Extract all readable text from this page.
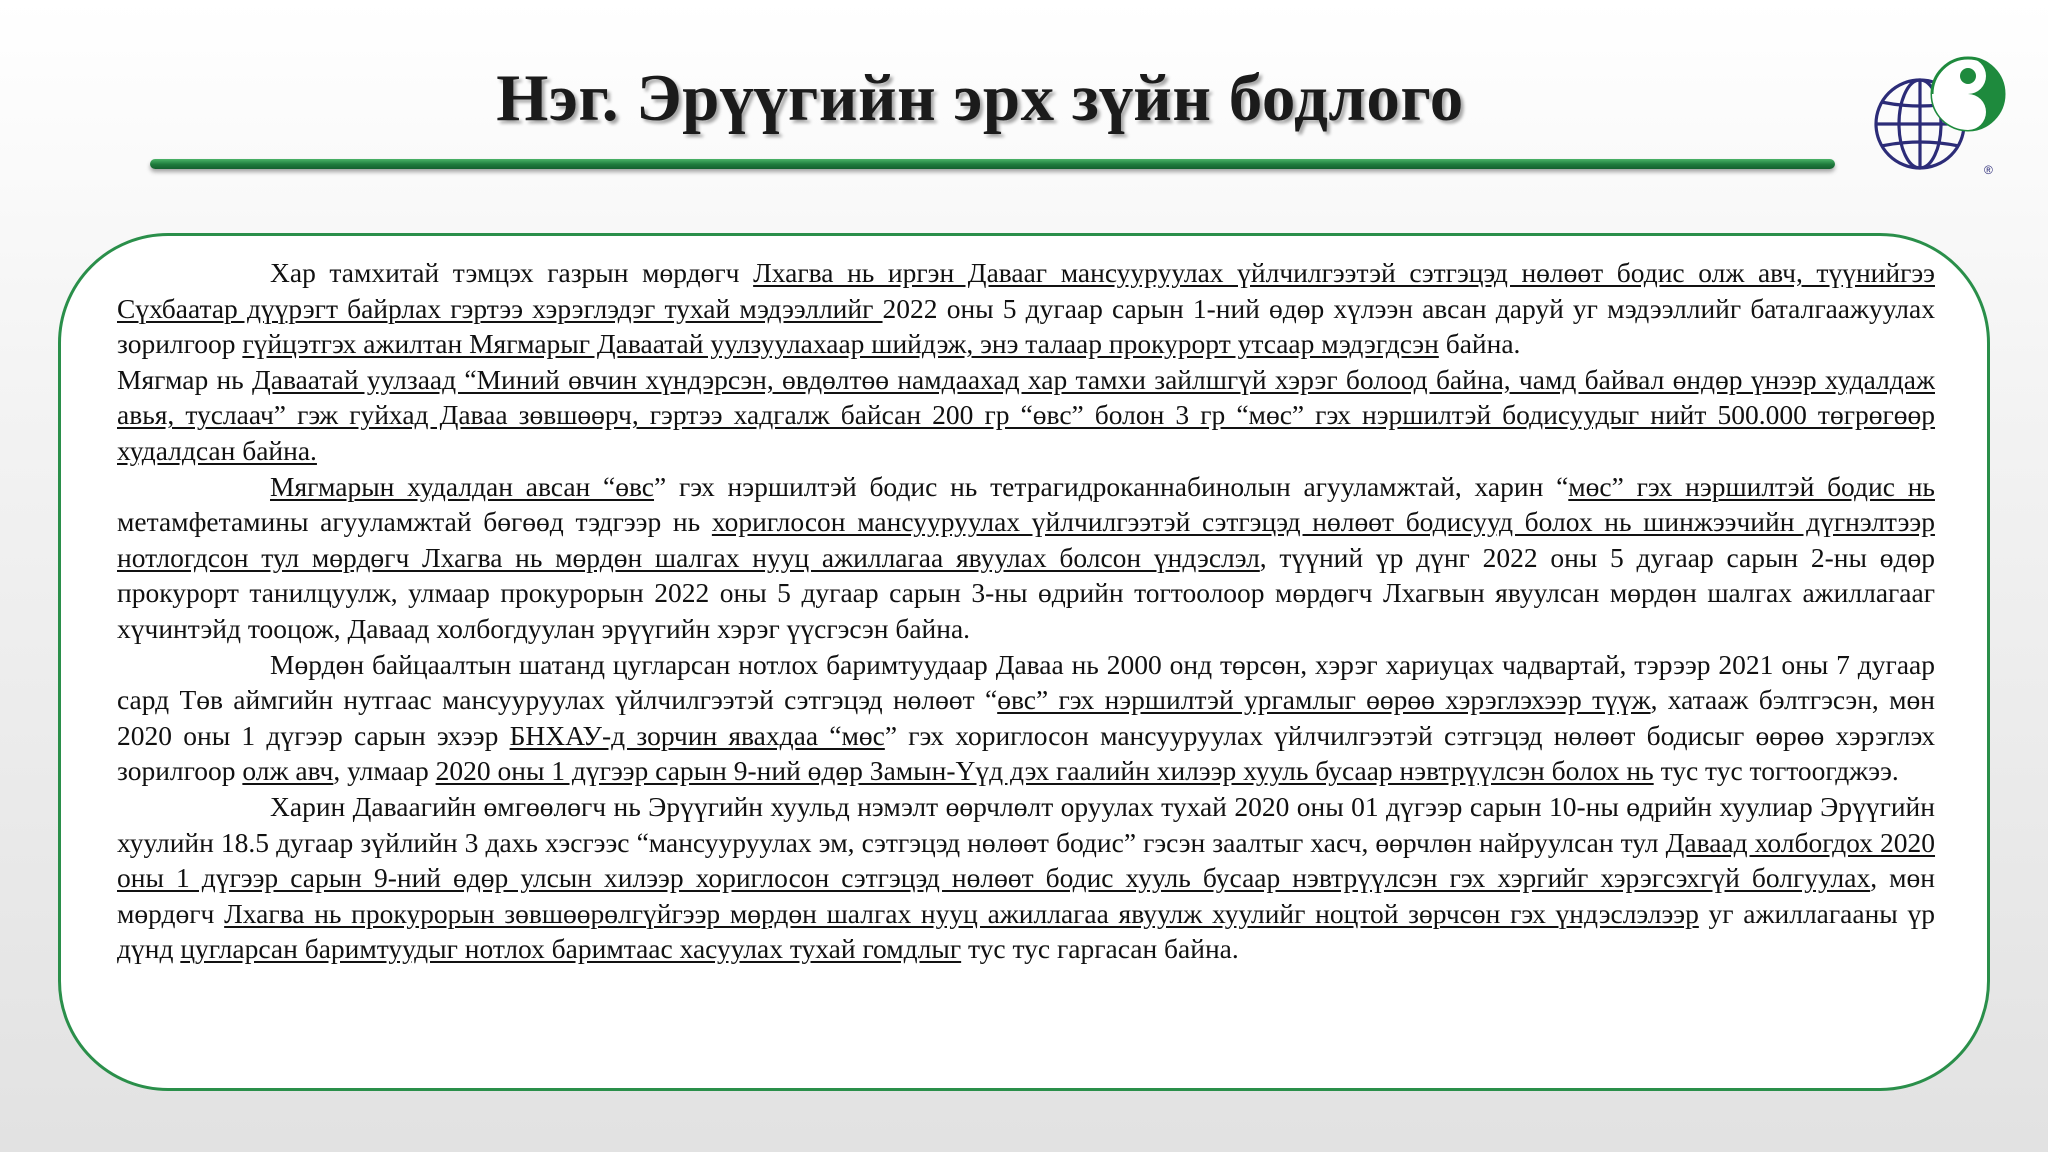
Нэг. Эрүүгийн эрх зүйн бодлого
®

Хар тамхитай тэмцэх газрын мөрдөгч Лхагва нь иргэн Давааг мансууруулах үйлчилгээтэй сэтгэцэд нөлөөт бодис олж авч, түүнийгээ Сүхбаатар дүүрэгт байрлах гэртээ хэрэглэдэг тухай мэдээллийг 2022 оны 5 дугаар сарын 1-ний өдөр хүлээн авсан даруй уг мэдээллийг баталгаажуулах зорилгоор гүйцэтгэх ажилтан Мягмарыг Даваатай уулзуулахаар шийдэж, энэ талаар прокурорт утсаар мэдэгдсэн байна.

Мягмар нь Даваатай уулзаад “Миний өвчин хүндэрсэн, өвдөлтөө намдаахад хар тамхи зайлшгүй хэрэг болоод байна, чамд байвал өндөр үнээр худалдаж авья, туслаач” гэж гуйхад Даваа зөвшөөрч, гэртээ хадгалж байсан 200 гр “өвс” болон 3 гр “мөс” гэх нэршилтэй бодисуудыг нийт 500.000 төгрөгөөр худалдсан байна.

Мягмарын худалдан авсан “өвс” гэх нэршилтэй бодис нь тетрагидроканнабинолын агууламжтай, харин “мөс” гэх нэршилтэй бодис нь метамфетамины агууламжтай бөгөөд тэдгээр нь хориглосон мансууруулах үйлчилгээтэй сэтгэцэд нөлөөт бодисууд болох нь шинжээчийн дүгнэлтээр нотлогдсон тул мөрдөгч Лхагва нь мөрдөн шалгах нууц ажиллагаа явуулах болсон үндэслэл, түүний үр дүнг 2022 оны 5 дугаар сарын 2-ны өдөр прокурорт танилцуулж, улмаар прокурорын 2022 оны 5 дугаар сарын 3-ны өдрийн тогтоолоор мөрдөгч Лхагвын явуулсан мөрдөн шалгах ажиллагааг хүчинтэйд тооцож, Даваад холбогдуулан эрүүгийн хэрэг үүсгэсэн байна.

Мөрдөн байцаалтын шатанд цугларсан нотлох баримтуудаар Даваа нь 2000 онд төрсөн, хэрэг хариуцах чадвартай, тэрээр 2021 оны 7 дугаар сард Төв аймгийн нутгаас мансууруулах үйлчилгээтэй сэтгэцэд нөлөөт “өвс” гэх нэршилтэй ургамлыг өөрөө хэрэглэхээр түүж, хатааж бэлтгэсэн, мөн 2020 оны 1 дүгээр сарын эхээр БНХАУ-д зорчин явахдаа “мөс” гэх хориглосон мансууруулах үйлчилгээтэй сэтгэцэд нөлөөт бодисыг өөрөө хэрэглэх зорилгоор олж авч, улмаар 2020 оны 1 дүгээр сарын 9-ний өдөр Замын-Үүд дэх гаалийн хилээр хууль бусаар нэвтрүүлсэн болох нь тус тус тогтоогджээ.

Харин Даваагийн өмгөөлөгч нь Эрүүгийн хуульд нэмэлт өөрчлөлт оруулах тухай 2020 оны 01 дүгээр сарын 10-ны өдрийн хуулиар Эрүүгийн хуулийн 18.5 дугаар зүйлийн 3 дахь хэсгээс “мансууруулах эм, сэтгэцэд нөлөөт бодис” гэсэн заалтыг хасч, өөрчлөн найруулсан тул Даваад холбогдох 2020 оны 1 дүгээр сарын 9-ний өдөр улсын хилээр хориглосон сэтгэцэд нөлөөт бодис хууль бусаар нэвтрүүлсэн гэх хэргийг хэрэгсэхгүй болгуулах, мөн мөрдөгч Лхагва нь прокурорын зөвшөөрөлгүйгээр мөрдөн шалгах нууц ажиллагаа явуулж хуулийг ноцтой зөрчсөн гэх үндэслэлээр уг ажиллагааны үр дүнд цугларсан баримтуудыг нотлох баримтаас хасуулах тухай гомдлыг тус тус гаргасан байна.
